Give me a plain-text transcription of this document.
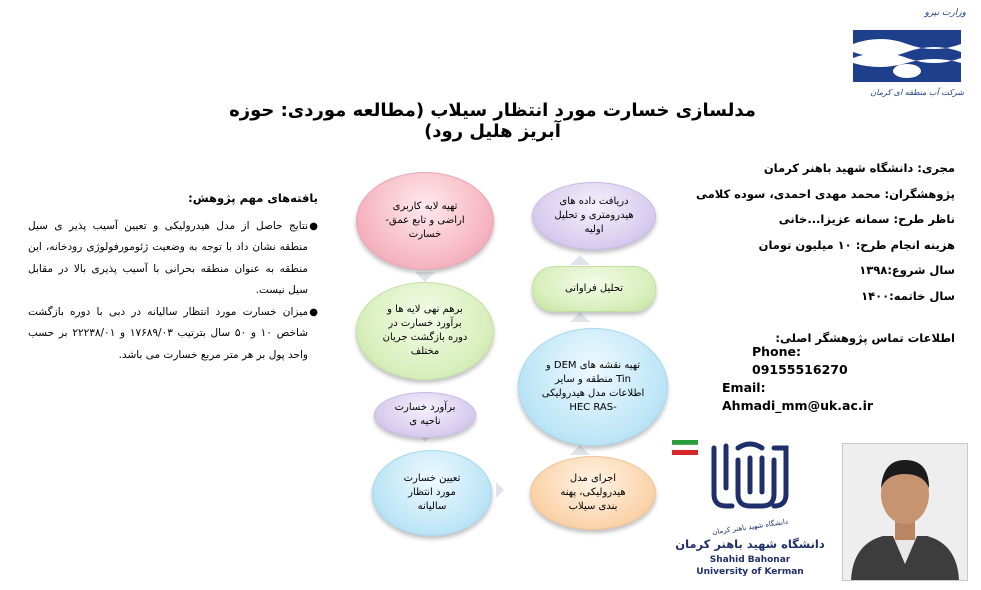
وزارت نیرو
شرکت آب منطقه ای کرمان
مدلسازی خسارت مورد انتظار سیلاب (مطالعه موردی: حوزه آبریز هلیل رود)
مجری: دانشگاه شهید باهنر کرمان
پژوهشگران: محمد مهدی احمدی، سوده کلامی
ناظر طرح: سمانه عزیزا...خانی
هزینه انجام طرح: ۱۰ میلیون تومان
سال شروع:۱۳۹۸
سال خاتمه:۱۴۰۰
اطلاعات تماس پژوهشگر اصلی:
Phone: 09155516270
Email: Ahmadi_mm@uk.ac.ir
یافته‌های مهم پژوهش:
●
نتایج حاصل از مدل هیدرولیکی و تعیین آسیب پذیر ی سیل منطقه نشان داد با توجه به وضعیت ژئومورفولوژی رودخانه، این منطقه به عنوان منطقه بحرانی با آسیب پذیری بالا در مقابل سیل نیست.
●
میزان خسارت مورد انتظار سالیانه در دبی با دوره بازگشت شاخص ۱۰ و ۵۰ سال بترتیب ۱۷۶۸۹/۰۳ و ۲۲۲۳۸/۰۱ بر حسب واحد پول بر هر متر مربع خسارت می باشد.
دریافت داده های هیدرومتری و تحلیل اولیه
تحلیل فراوانی
تهیه نقشه های DEM و Tin منطقه و سایر اطلاعات مدل هیدرولیکی -HEC RAS
اجرای مدل هیدرولیکی، پهنه بندی سیلاب
تهیه لایه کاربری اراضی و تابع عمق- خسارت
برهم نهی لایه ها و برآورد خسارت در دوره بازگشت جریان مختلف
برآورد خسارت ناحیه ی
تعیین خسارت مورد انتظار سالیانه
دانشگاه شهید باهنر کرمان
دانشگاه شهید باهنر کرمان
Shahid Bahonar
University of Kerman
